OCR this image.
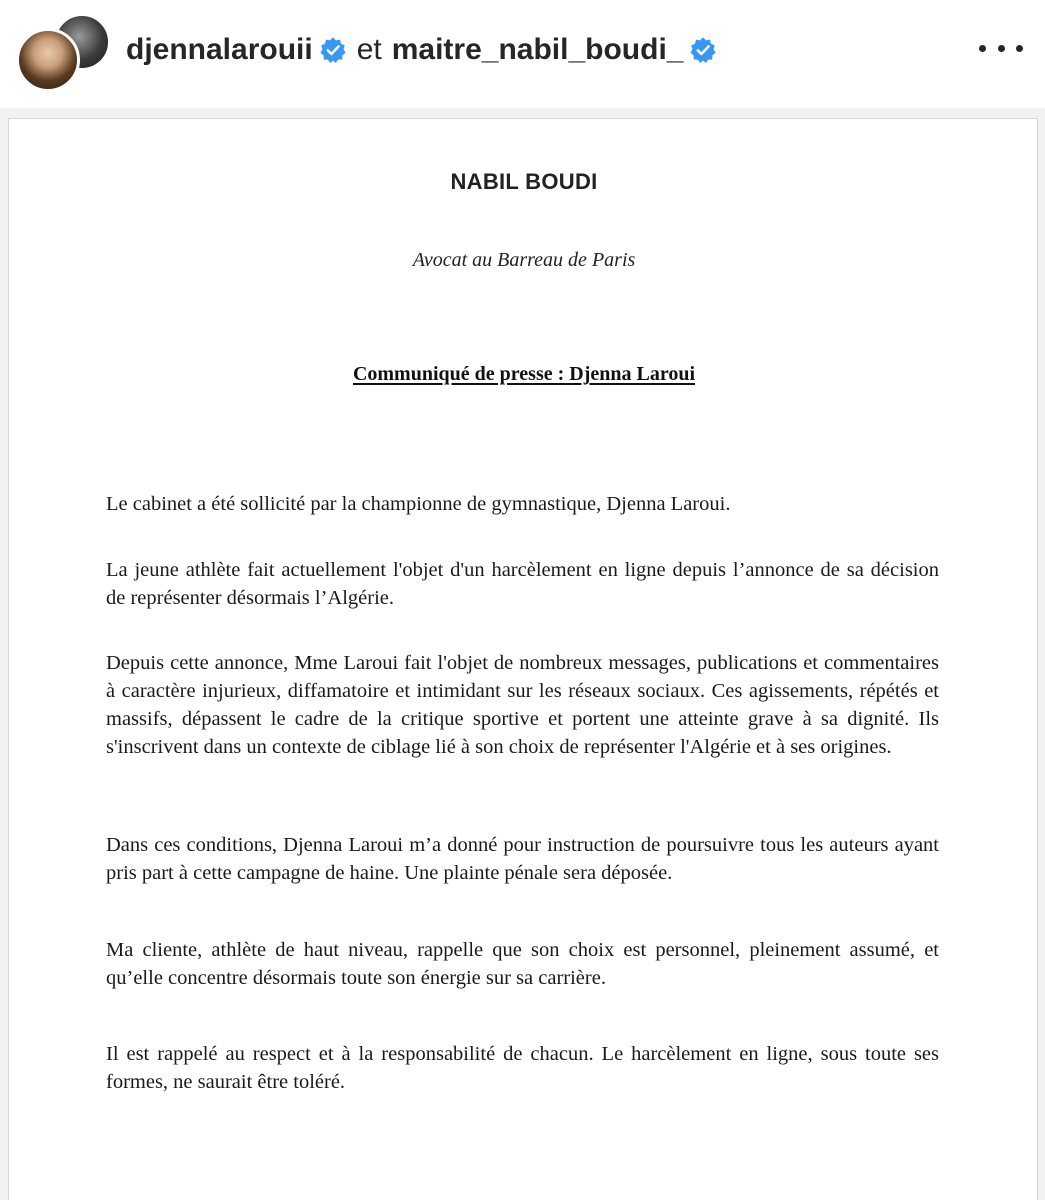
djennalarouii et maitre_nabil_boudi_
NABIL BOUDI
Avocat au Barreau de Paris
Communiqué de presse : Djenna Laroui

Le cabinet a été sollicité par la championne de gymnastique, Djenna Laroui.

La jeune athlète fait actuellement l'objet d'un harcèlement en ligne depuis l’annonce de sa décision de représenter désormais l’Algérie.

Depuis cette annonce, Mme Laroui fait l'objet de nombreux messages, publications et commentaires à caractère injurieux, diffamatoire et intimidant sur les réseaux sociaux. Ces agissements, répétés et massifs, dépassent le cadre de la critique sportive et portent une atteinte grave à sa dignité. Ils s'inscrivent dans un contexte de ciblage lié à son choix de représenter l'Algérie et à ses origines.

Dans ces conditions, Djenna Laroui m’a donné pour instruction de poursuivre tous les auteurs ayant pris part à cette campagne de haine. Une plainte pénale sera déposée.

Ma cliente, athlète de haut niveau, rappelle que son choix est personnel, pleinement assumé, et qu’elle concentre désormais toute son énergie sur sa carrière.

Il est rappelé au respect et à la responsabilité de chacun. Le harcèlement en ligne, sous toute ses formes, ne saurait être toléré.
